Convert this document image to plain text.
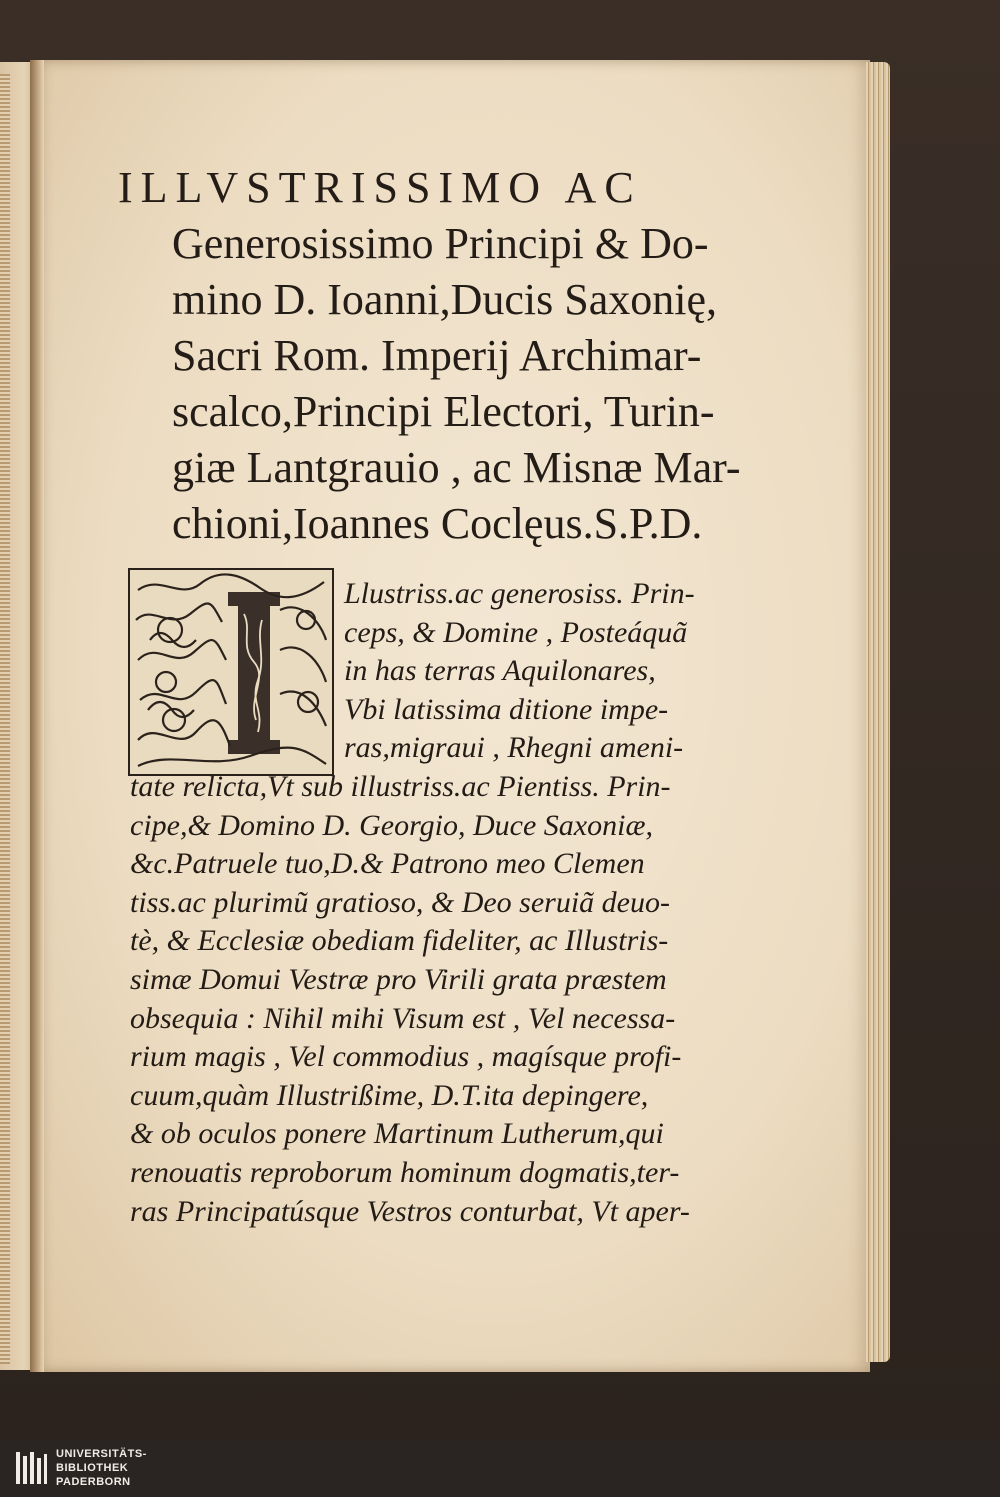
ILLVSTRISSIMO AC
Generosissimo Principi & Do-
mino D. Ioanni,Ducis Saxonię,
Sacri Rom. Imperij Archimar-
scalco,Principi Electori, Turin-
giæ Lantgrauio , ac Misnæ Mar-
chioni,Ioannes Coclęus.S.P.D.
Llustriss.ac generosiss. Prin-
ceps, & Domine , Posteáquã
in has terras Aquilonares,
Vbi latissima ditione impe-
ras,migraui , Rhegni ameni-
tate relicta,Vt sub illustriss.ac Pientiss. Prin-
cipe,& Domino D. Georgio, Duce Saxoniæ,
&c.Patruele tuo,D.& Patrono meo Clemen
tiss.ac plurimũ gratioso, & Deo seruiã deuo-
tè, & Ecclesiæ obediam fideliter, ac Illustris-
simæ Domui Vestræ pro Virili grata præstem
obsequia : Nihil mihi Visum est , Vel necessa-
rium magis , Vel commodius , magísque profi-
cuum,quàm Illustrißime, D.T.ita depingere,
& ob oculos ponere Martinum Lutherum,qui
renouatis reproborum hominum dogmatis,ter-
ras Principatúsque Vestros conturbat, Vt aper-
UNIVERSITÄTS-
BIBLIOTHEK
PADERBORN
